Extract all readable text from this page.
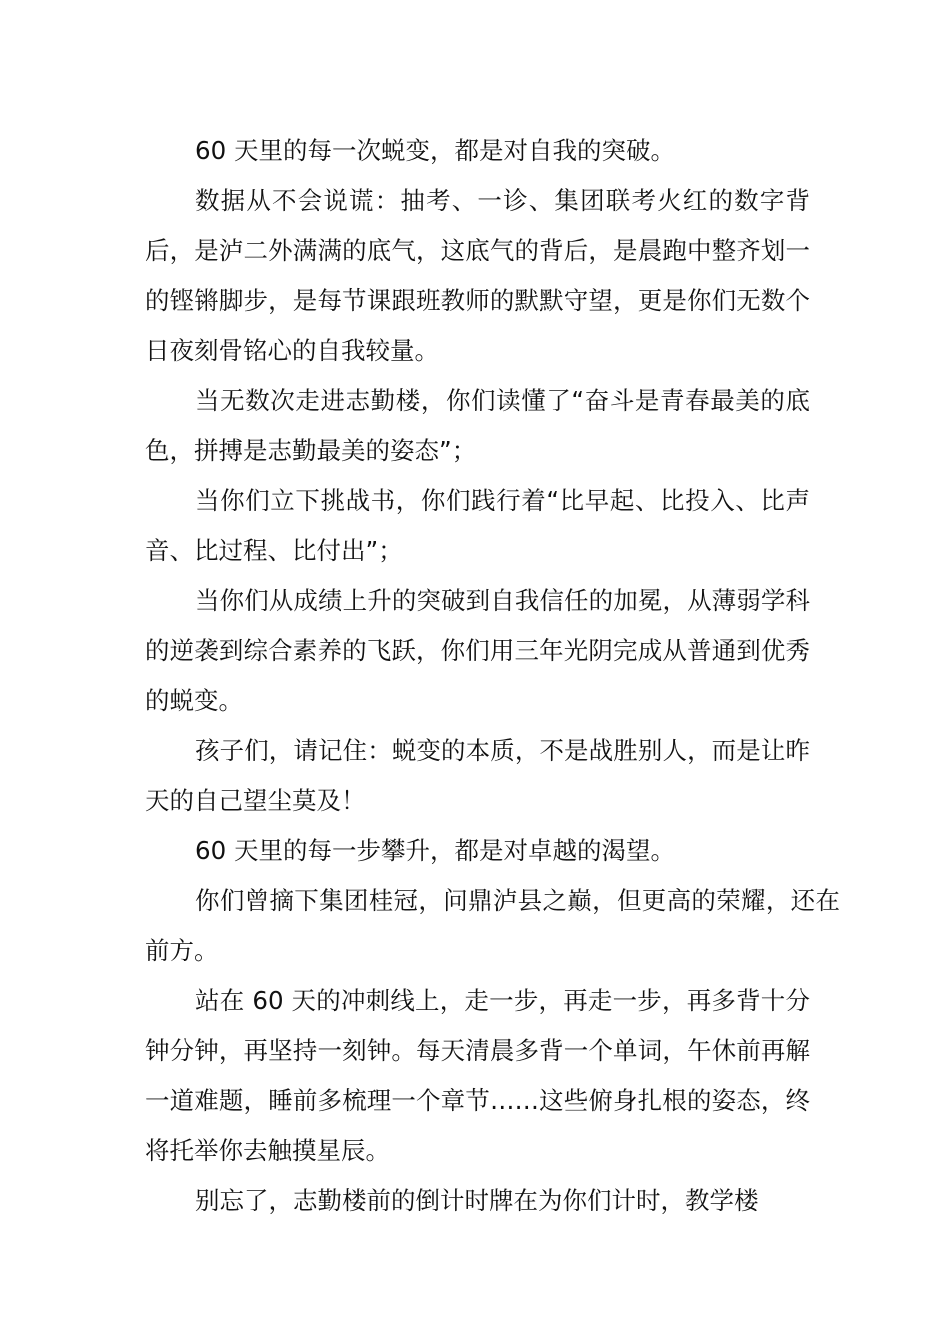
60 天里的每一次蜕变，都是对自我的突破。

数据从不会说谎：抽考、一诊、集团联考火红的数字背后，是泸二外满满的底气，这底气的背后，是晨跑中整齐划一的铿锵脚步，是每节课跟班教师的默默守望，更是你们无数个日夜刻骨铭心的自我较量。

当无数次走进志勤楼，你们读懂了“奋斗是青春最美的底色，拼搏是志勤最美的姿态”；

当你们立下挑战书，你们践行着“比早起、比投入、比声音、比过程、比付出”；

当你们从成绩上升的突破到自我信任的加冕，从薄弱学科的逆袭到综合素养的飞跃，你们用三年光阴完成从普通到优秀的蜕变。

孩子们，请记住：蜕变的本质，不是战胜别人，而是让昨天的自己望尘莫及！

60 天里的每一步攀升，都是对卓越的渴望。

你们曾摘下集团桂冠，问鼎泸县之巅，但更高的荣耀，还在前方。

站在 60 天的冲刺线上，走一步，再走一步，再多背十分钟分钟，再坚持一刻钟。每天清晨多背一个单词，午休前再解一道难题，睡前多梳理一个章节……这些俯身扎根的姿态，终将托举你去触摸星辰。

别忘了，志勤楼前的倒计时牌在为你们计时，教学楼
